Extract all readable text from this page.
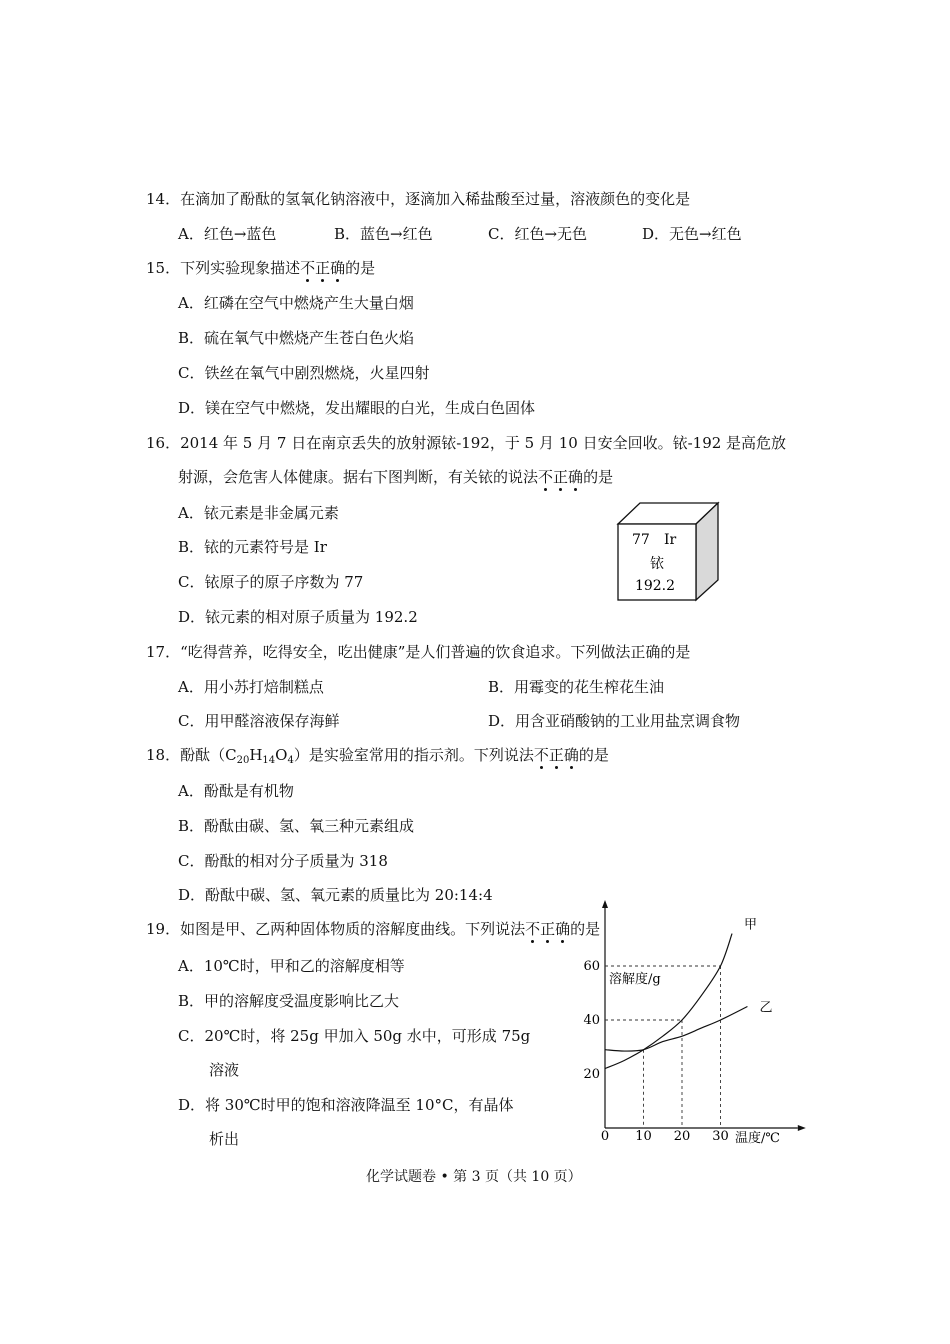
14．在滴加了酚酞的氢氧化钠溶液中，逐滴加入稀盐酸至过量，溶液颜色的变化是
A．红色→蓝色	B．蓝色→红色	C．红色→无色	D．无色→红色
15．下列实验现象描述不正确的是
A．红磷在空气中燃烧产生大量白烟
B．硫在氧气中燃烧产生苍白色火焰
C．铁丝在氧气中剧烈燃烧，火星四射
D．镁在空气中燃烧，发出耀眼的白光，生成白色固体
16．2014 年 5 月 7 日在南京丢失的放射源铱-192，于 5 月 10 日安全回收。铱-192 是高危放
射源，会危害人体健康。据右下图判断，有关铱的说法不正确的是
A．铱元素是非金属元素
B．铱的元素符号是 Ir
C．铱原子的原子序数为 77
D．铱元素的相对原子质量为 192.2
77 Ir
铱
192.2
17．“吃得营养，吃得安全，吃出健康”是人们普遍的饮食追求。下列做法正确的是
A．用小苏打焙制糕点	B．用霉变的花生榨花生油
C．用甲醛溶液保存海鲜	D．用含亚硝酸钠的工业用盐烹调食物
18．酚酞$(C_{20}H_{14}O_4)$是实验室常用的指示剂。下列说法不正确的是
A．酚酞是有机物
B．酚酞由碳、氢、氧三种元素组成
C．酚酞的相对分子质量为 318
D．酚酞中碳、氢、氧元素的质量比为 20:14:4
19．如图是甲、乙两种固体物质的溶解度曲线。下列说法不正确的是
A．10℃时，甲和乙的溶解度相等
B．甲的溶解度受温度影响比乙大
C．20℃时，将 25g 甲加入 50g 水中，可形成 75g
溶液
D．将 30℃时甲的饱和溶液降温至 10°C，有晶体
析出	10 20 30
20
40
60
甲
乙
溶解度/g
温度/℃
0
化学试题卷 • 第 3 页（共 10 页）
